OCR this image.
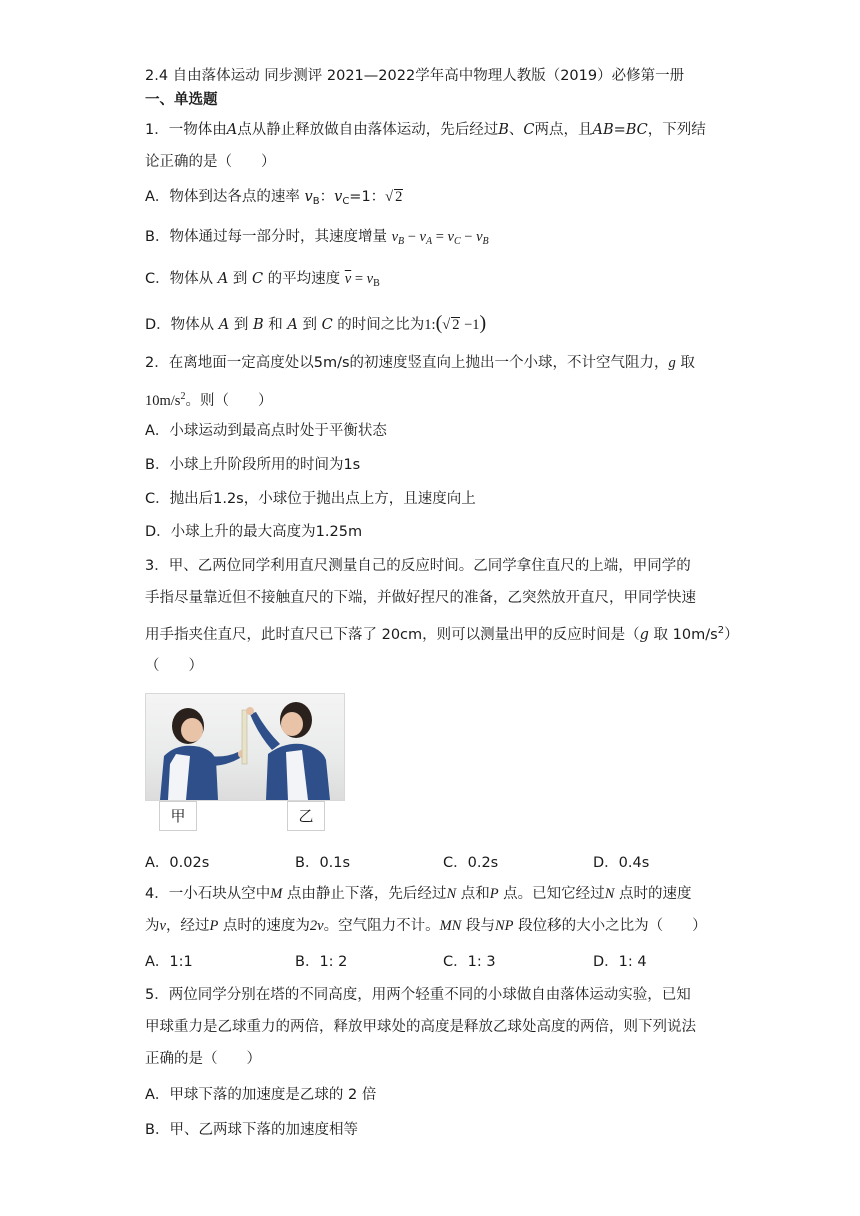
2.4 自由落体运动 同步测评 2021—2022学年高中物理人教版（2019）必修第一册
一、单选题
1．一物体由A点从静止释放做自由落体运动，先后经过B、C两点，且AB=BC，下列结
论正确的是（　　）
A．物体到达各点的速率 $v_B$：$v_C=1$：√ 2
B．物体通过每一部分时，其速度增量 $v_B - v_A = v_C - v_B$
C．物体从 A 到 C 的平均速度 $\overline{v} = v_B$
D．物体从 A 到 B 和 A 到 C 的时间之比为1:(√ 2 −1)
2．在离地面一定高度处以5m/s的初速度竖直向上抛出一个小球，不计空气阻力，g 取
$10m/s^2$。则（　　）
A．小球运动到最高点时处于平衡状态
B．小球上升阶段所用的时间为1s
C．抛出后1.2s，小球位于抛出点上方，且速度向上
D．小球上升的最大高度为1.25m
3．甲、乙两位同学利用直尺测量自己的反应时间。乙同学拿住直尺的上端，甲同学的
手指尽量靠近但不接触直尺的下端，并做好捏尺的准备，乙突然放开直尺，甲同学快速
用手指夹住直尺，此时直尺已下落了 20cm，则可以测量出甲的反应时间是（g 取 $10m/s^2$）
（　　）
甲	乙
A．0.02s	B．0.1s	C．0.2s	D．0.4s
4．一小石块从空中M 点由静止下落，先后经过N 点和P 点。已知它经过N 点时的速度
为v，经过P 点时的速度为2v。空气阻力不计。MN 段与NP 段位移的大小之比为（　　）
A．1:1	B．1: 2	C．1: 3	D．1: 4
5．两位同学分别在塔的不同高度，用两个轻重不同的小球做自由落体运动实验，已知
甲球重力是乙球重力的两倍，释放甲球处的高度是释放乙球处高度的两倍，则下列说法
正确的是（　　）
A．甲球下落的加速度是乙球的 2 倍
B．甲、乙两球下落的加速度相等
